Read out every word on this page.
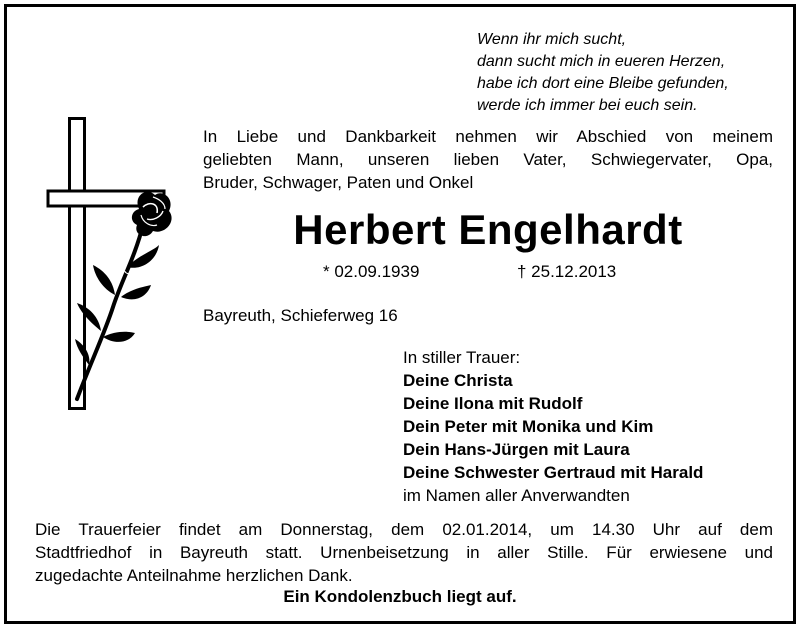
Wenn ihr mich sucht,
dann sucht mich in eueren Herzen,
habe ich dort eine Bleibe gefunden,
werde ich immer bei euch sein.
In Liebe und Dankbarkeit nehmen wir Abschied von meinem
geliebten Mann, unseren lieben Vater, Schwiegervater, Opa,
Bruder, Schwager, Paten und Onkel
Herbert Engelhardt
* 02.09.1939	† 25.12.2013
Bayreuth, Schieferweg 16
In stiller Trauer:
Deine Christa
Deine Ilona mit Rudolf
Dein Peter mit Monika und Kim
Dein Hans-Jürgen mit Laura
Deine Schwester Gertraud mit Harald
im Namen aller Anverwandten
Die Trauerfeier findet am Donnerstag, dem 02.01.2014, um 14.30 Uhr auf dem
Stadtfriedhof in Bayreuth statt. Urnenbeisetzung in aller Stille. Für erwiesene und
zugedachte Anteilnahme herzlichen Dank.
Ein Kondolenzbuch liegt auf.
